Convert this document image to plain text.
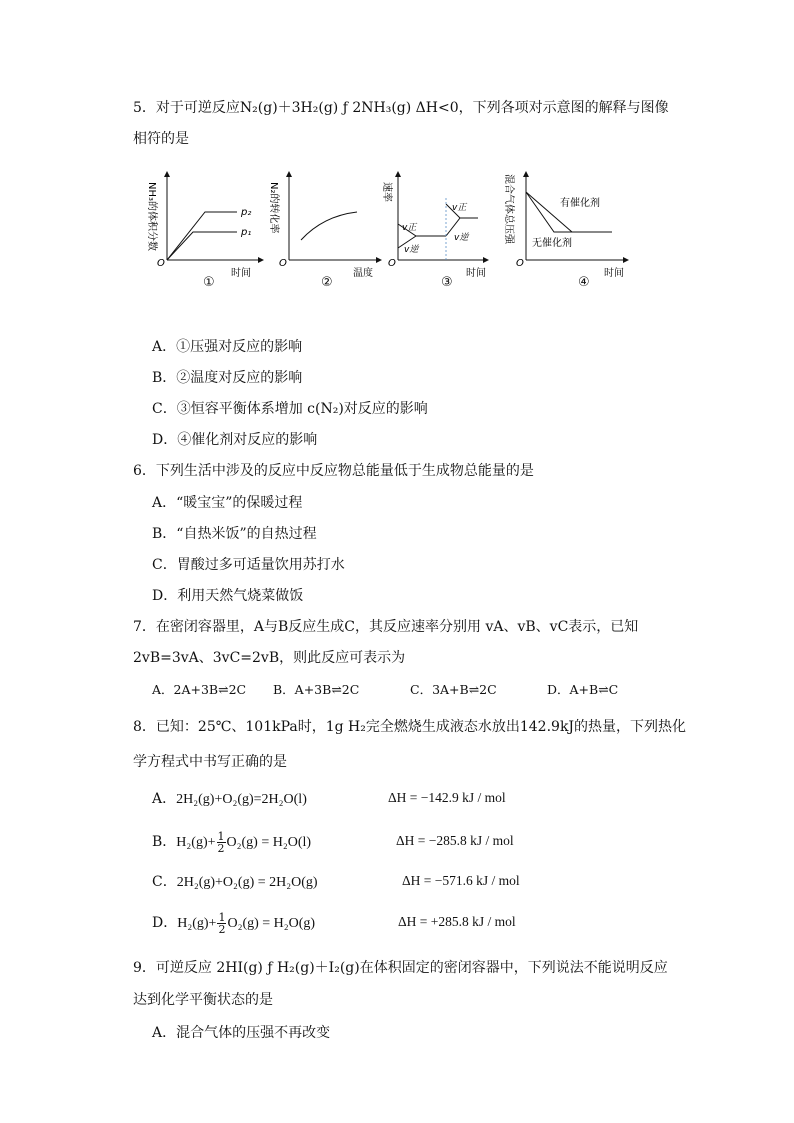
5．对于可逆反应N₂(g)＋3H₂(g) ƒ 2NH₃(g) ΔH<0，下列各项对示意图的解释与图像
相符的是
O
p₂
p₁
时间
NH₃的体积分数
①
O
温度
N₂的转化率
②
O
v正
v逆
v正
v逆
时间
速率
③
O
有催化剂
无催化剂
时间
混合气体总压强
④
A．①压强对反应的影响
B．②温度对反应的影响
C．③恒容平衡体系增加 c(N₂)对反应的影响
D．④催化剂对反应的影响
6．下列生活中涉及的反应中反应物总能量低于生成物总能量的是
A．“暖宝宝”的保暖过程
B．“自热米饭”的自热过程
C．胃酸过多可适量饮用苏打水
D．利用天然气烧菜做饭
7．在密闭容器里，A与B反应生成C，其反应速率分别用 vA、vB、vC表示，已知
2vB=3vA、3vC=2vB，则此反应可表示为
A．2A+3B⇌2C B．A+3B⇌2C	C．3A+B⇌2C	D．A+B⇌C
8．已知：25℃、101kPa时，1g H₂完全燃烧生成液态水放出142.9kJ的热量，下列热化
学方程式中书写正确的是
A．2H₂(g)+O₂(g)=2H₂O(l)	ΔH = −142.9 kJ / mol
B．$H_2(g)+ \frac{1}{2} O_2(g) = H_2O(l)$	ΔH = −285.8 kJ / mol
C．2H₂(g)+O₂(g) = 2H₂O(g)	ΔH = −571.6 kJ / mol
D．$H_2(g)+ \frac{1}{2} O_2(g) = H_2O(g)$	ΔH = +285.8 kJ / mol
9．可逆反应 2HI(g) ƒ H₂(g)＋I₂(g)在体积固定的密闭容器中，下列说法不能说明反应
达到化学平衡状态的是
A．混合气体的压强不再改变
